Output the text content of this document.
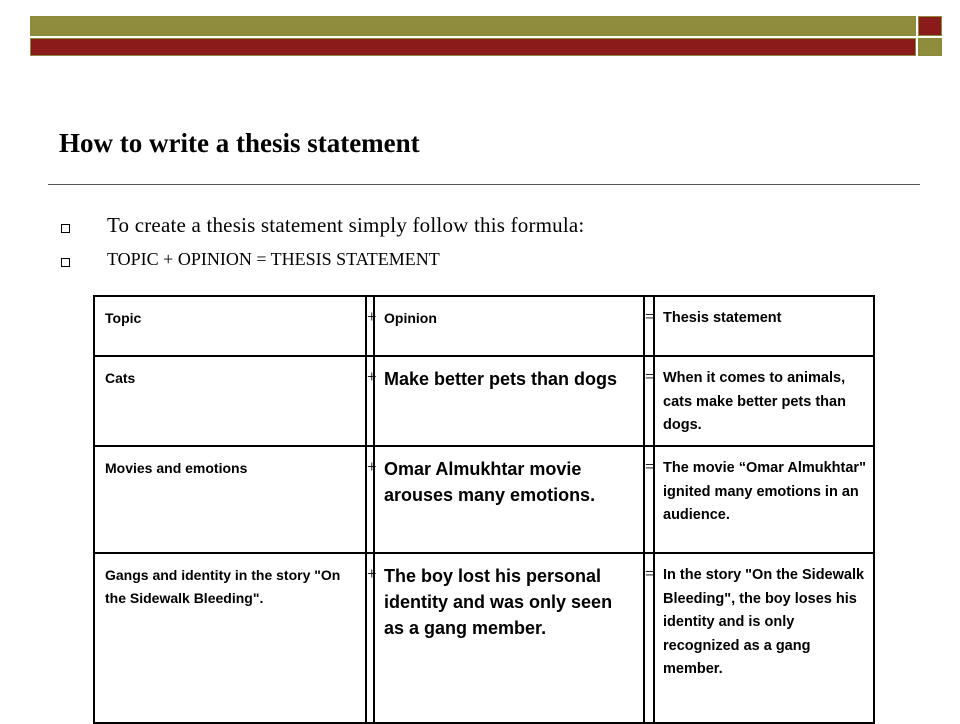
How to write a thesis statement
To create a thesis statement simply follow this formula:
TOPIC + OPINION = THESIS STATEMENT
Topic	+	Opinion	=	Thesis statement
Cats	+	Make better pets than dogs	=	When it comes to animals, cats make better pets than dogs.
Movies and emotions	+	Omar Almukhtar movie arouses many emotions.	=	The movie “Omar Almukhtar" ignited many emotions in an audience.
Gangs and identity in the story "On the Sidewalk Bleeding".	+	The boy lost his personal identity and was only seen as a gang member.	=	In the story "On the Sidewalk Bleeding", the boy loses his identity and is only recognized as a gang member.
